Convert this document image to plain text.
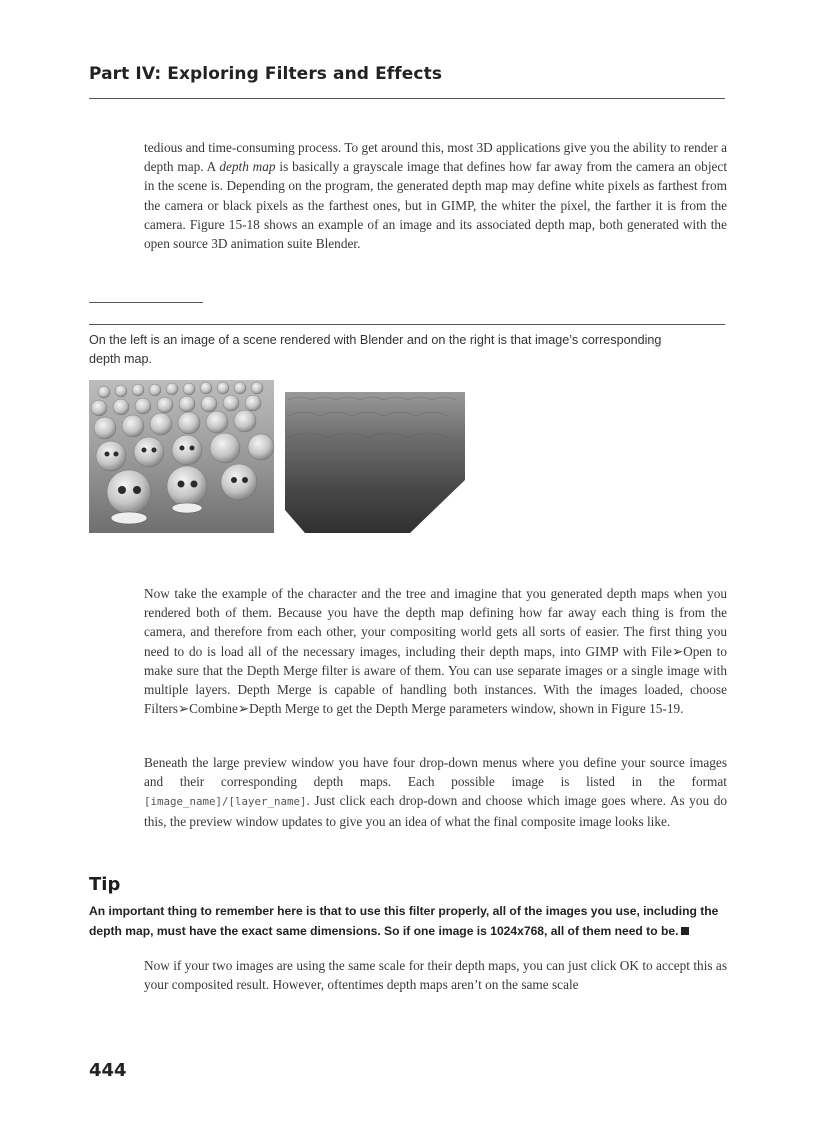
Part IV: Exploring Filters and Effects

tedious and time-consuming process. To get around this, most 3D applications give you the ability to render a depth map. A depth map is basically a grayscale image that defines how far away from the camera an object in the scene is. Depending on the program, the generated depth map may define white pixels as farthest from the camera or black pixels as the farthest ones, but in GIMP, the whiter the pixel, the farther it is from the camera. Figure 15-18 shows an example of an image and its associated depth map, both generated with the open source 3D animation suite Blender.

On the left is an image of a scene rendered with Blender and on the right is that image’s corresponding depth map.

Now take the example of the character and the tree and imagine that you generated depth maps when you rendered both of them. Because you have the depth map defining how far away each thing is from the camera, and therefore from each other, your compositing world gets all sorts of easier. The first thing you need to do is load all of the necessary images, including their depth maps, into GIMP with File➢Open to make sure that the Depth Merge filter is aware of them. You can use separate images or a single image with multiple layers. Depth Merge is capable of handling both instances. With the images loaded, choose Filters➢Combine➢Depth Merge to get the Depth Merge parameters window, shown in Figure 15-19.

Beneath the large preview window you have four drop-down menus where you define your source images and their corresponding depth maps. Each possible image is listed in the format [image_name]/[layer_name]. Just click each drop-down and choose which image goes where. As you do this, the preview window updates to give you an idea of what the final composite image looks like.

Tip

An important thing to remember here is that to use this filter properly, all of the images you use, including the depth map, must have the exact same dimensions. So if one image is 1024x768, all of them need to be.

Now if your two images are using the same scale for their depth maps, you can just click OK to accept this as your composited result. However, oftentimes depth maps aren’t on the same scale

444
